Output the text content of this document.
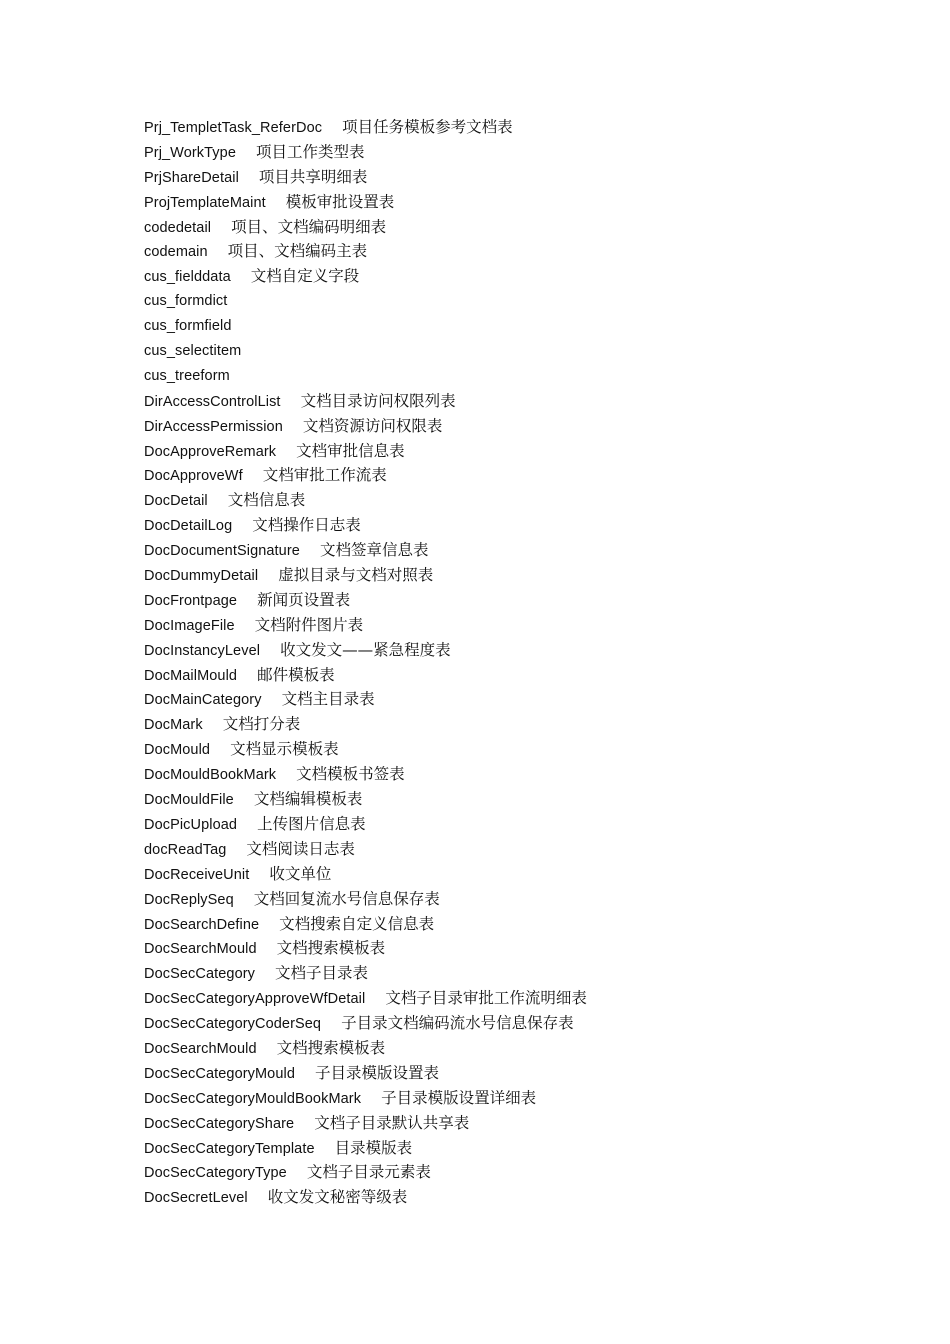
Prj_TempletTask_ReferDoc 项目任务模板参考文档表
Prj_WorkType 项目工作类型表
PrjShareDetail 项目共享明细表
ProjTemplateMaint 模板审批设置表
codedetail 项目、文档编码明细表
codemain 项目、文档编码主表
cus_fielddata 文档自定义字段
cus_formdict
cus_formfield
cus_selectitem
cus_treeform
DirAccessControlList 文档目录访问权限列表
DirAccessPermission 文档资源访问权限表
DocApproveRemark 文档审批信息表
DocApproveWf 文档审批工作流表
DocDetail 文档信息表
DocDetailLog 文档操作日志表
DocDocumentSignature 文档签章信息表
DocDummyDetail 虚拟目录与文档对照表
DocFrontpage 新闻页设置表
DocImageFile 文档附件图片表
DocInstancyLevel 收文发文——紧急程度表
DocMailMould 邮件模板表
DocMainCategory 文档主目录表
DocMark 文档打分表
DocMould 文档显示模板表
DocMouldBookMark 文档模板书签表
DocMouldFile 文档编辑模板表
DocPicUpload 上传图片信息表
docReadTag 文档阅读日志表
DocReceiveUnit 收文单位
DocReplySeq 文档回复流水号信息保存表
DocSearchDefine 文档搜索自定义信息表
DocSearchMould 文档搜索模板表
DocSecCategory 文档子目录表
DocSecCategoryApproveWfDetail 文档子目录审批工作流明细表
DocSecCategoryCoderSeq 子目录文档编码流水号信息保存表
DocSearchMould 文档搜索模板表
DocSecCategoryMould 子目录模版设置表
DocSecCategoryMouldBookMark 子目录模版设置详细表
DocSecCategoryShare 文档子目录默认共享表
DocSecCategoryTemplate 目录模版表
DocSecCategoryType 文档子目录元素表
DocSecretLevel 收文发文秘密等级表
